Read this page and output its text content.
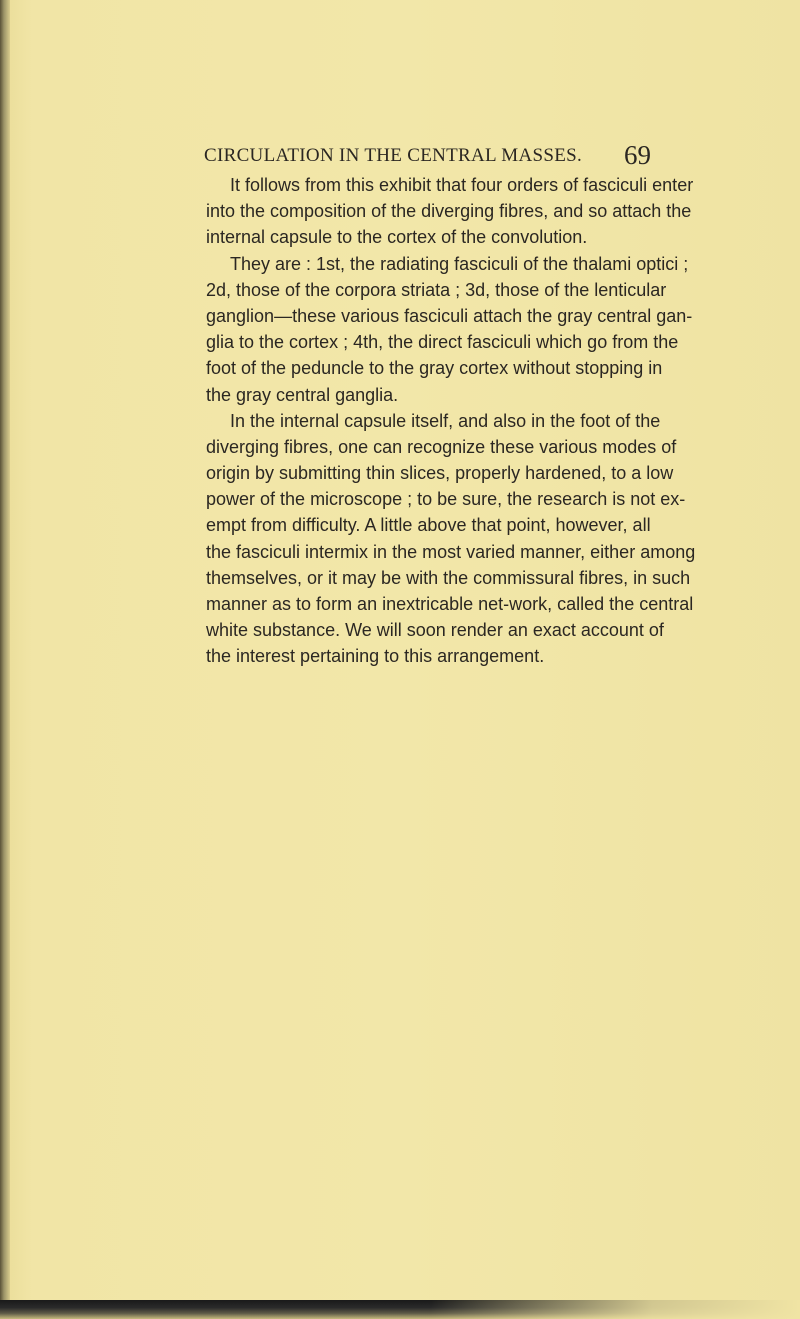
CIRCULATION IN THE CENTRAL MASSES. 69
It follows from this exhibit that four orders of fasciculi enter
into the composition of the diverging fibres, and so attach the
internal capsule to the cortex of the convolution.
They are : 1st, the radiating fasciculi of the thalami optici ;
2d, those of the corpora striata ; 3d, those of the lenticular
ganglion—these various fasciculi attach the gray central gan-
glia to the cortex ; 4th, the direct fasciculi which go from the
foot of the peduncle to the gray cortex without stopping in
the gray central ganglia.
In the internal capsule itself, and also in the foot of the
diverging fibres, one can recognize these various modes of
origin by submitting thin slices, properly hardened, to a low
power of the microscope ; to be sure, the research is not ex-
empt from difficulty. A little above that point, however, all
the fasciculi intermix in the most varied manner, either among
themselves, or it may be with the commissural fibres, in such
manner as to form an inextricable net-work, called the central
white substance. We will soon render an exact account of
the interest pertaining to this arrangement.
